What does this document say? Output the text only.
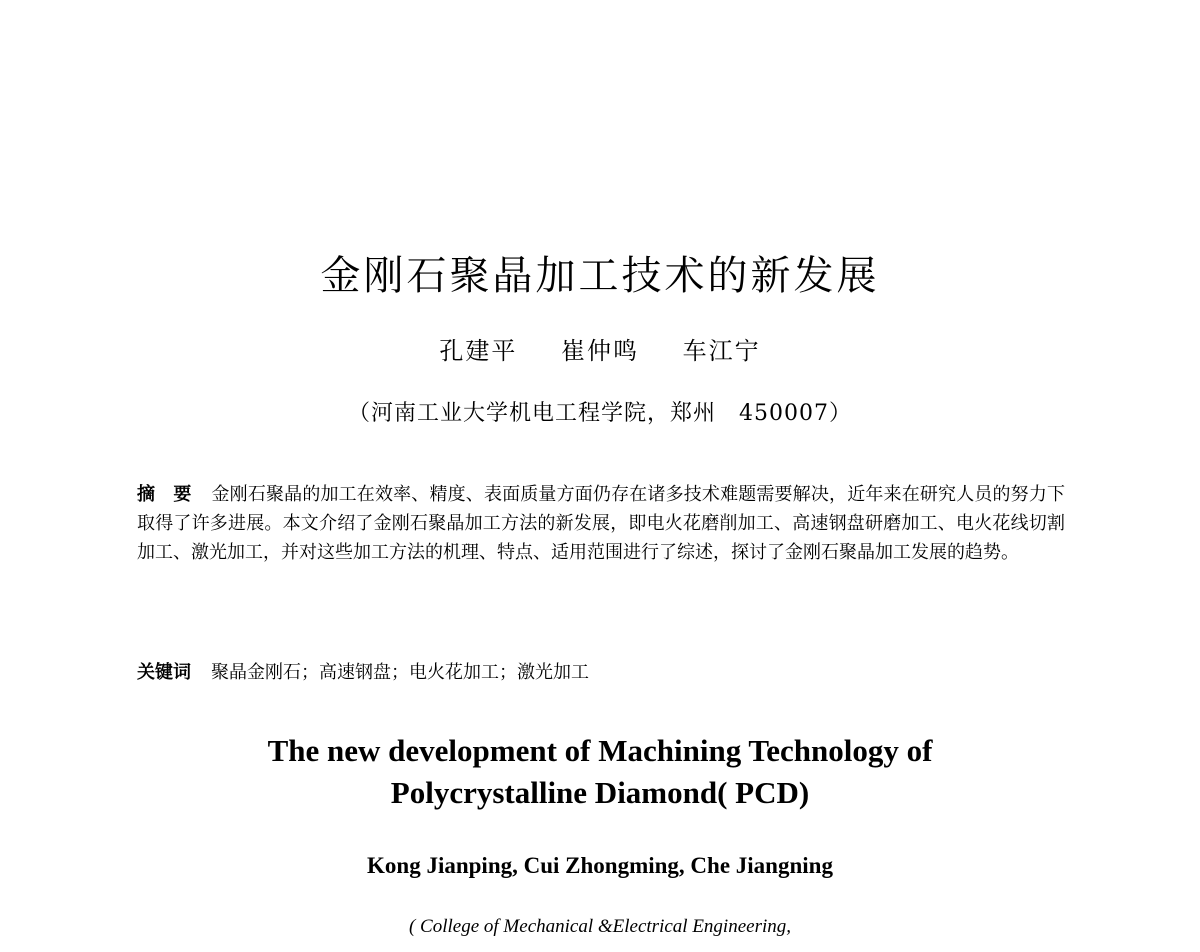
金刚石聚晶加工技术的新发展
孔建平 崔仲鸣 车江宁
（河南工业大学机电工程学院，郑州　450007）

摘　要 金刚石聚晶的加工在效率、精度、表面质量方面仍存在诸多技术难题需要解决，近年来在研究人员的努力下取得了许多进展。本文介绍了金刚石聚晶加工方法的新发展，即电火花磨削加工、高速钢盘研磨加工、电火花线切割加工、激光加工，并对这些加工方法的机理、特点、适用范围进行了综述，探讨了金刚石聚晶加工发展的趋势。

关键词 聚晶金刚石；高速钢盘；电火花加工；激光加工

The new development of Machining Technology of
Polycrystalline Diamond( PCD)
Kong Jianping, Cui Zhongming, Che Jiangning
( College of Mechanical &Electrical Engineering,
